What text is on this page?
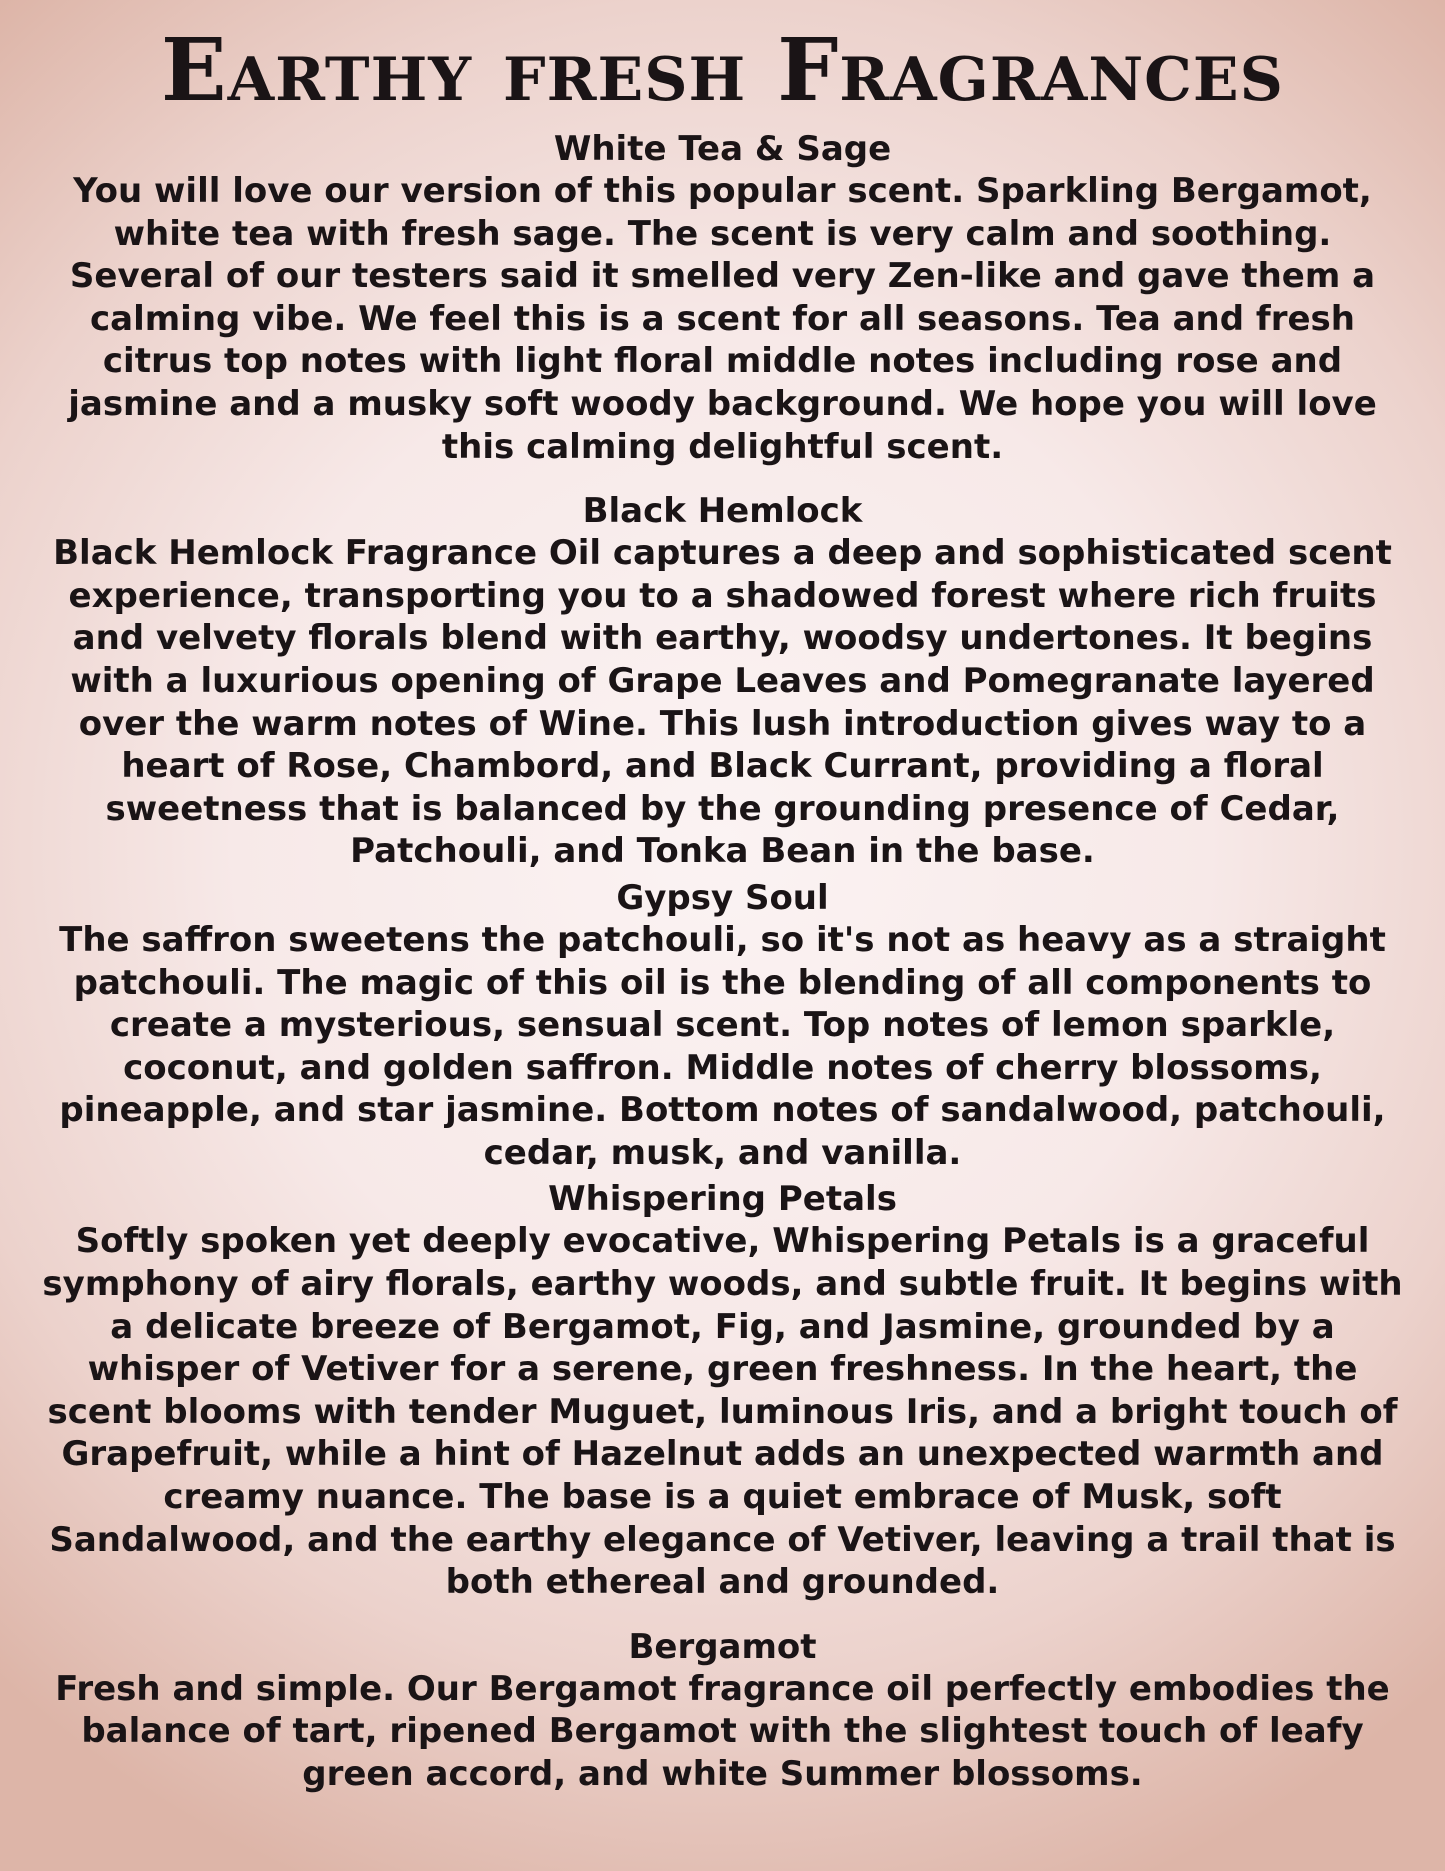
Earthy fresh Fragrances

White Tea & Sage

You will love our version of this popular scent. Sparkling Bergamot, white tea with fresh sage. The scent is very calm and soothing. Several of our testers said it smelled very Zen-like and gave them a calming vibe. We feel this is a scent for all seasons. Tea and fresh citrus top notes with light floral middle notes including rose and jasmine and a musky soft woody background. We hope you will love this calming delightful scent.

Black Hemlock

Black Hemlock Fragrance Oil captures a deep and sophisticated scent experience, transporting you to a shadowed forest where rich fruits and velvety florals blend with earthy, woodsy undertones. It begins with a luxurious opening of Grape Leaves and Pomegranate layered over the warm notes of Wine. This lush introduction gives way to a heart of Rose, Chambord, and Black Currant, providing a floral sweetness that is balanced by the grounding presence of Cedar, Patchouli, and Tonka Bean in the base.

Gypsy Soul

The saffron sweetens the patchouli, so it's not as heavy as a straight patchouli. The magic of this oil is the blending of all components to create a mysterious, sensual scent. Top notes of lemon sparkle, coconut, and golden saffron. Middle notes of cherry blossoms, pineapple, and star jasmine. Bottom notes of sandalwood, patchouli, cedar, musk, and vanilla.

Whispering Petals

Softly spoken yet deeply evocative, Whispering Petals is a graceful symphony of airy florals, earthy woods, and subtle fruit. It begins with a delicate breeze of Bergamot, Fig, and Jasmine, grounded by a whisper of Vetiver for a serene, green freshness. In the heart, the scent blooms with tender Muguet, luminous Iris, and a bright touch of Grapefruit, while a hint of Hazelnut adds an unexpected warmth and creamy nuance. The base is a quiet embrace of Musk, soft Sandalwood, and the earthy elegance of Vetiver, leaving a trail that is both ethereal and grounded.

Bergamot

Fresh and simple. Our Bergamot fragrance oil perfectly embodies the balance of tart, ripened Bergamot with the slightest touch of leafy green accord, and white Summer blossoms.
